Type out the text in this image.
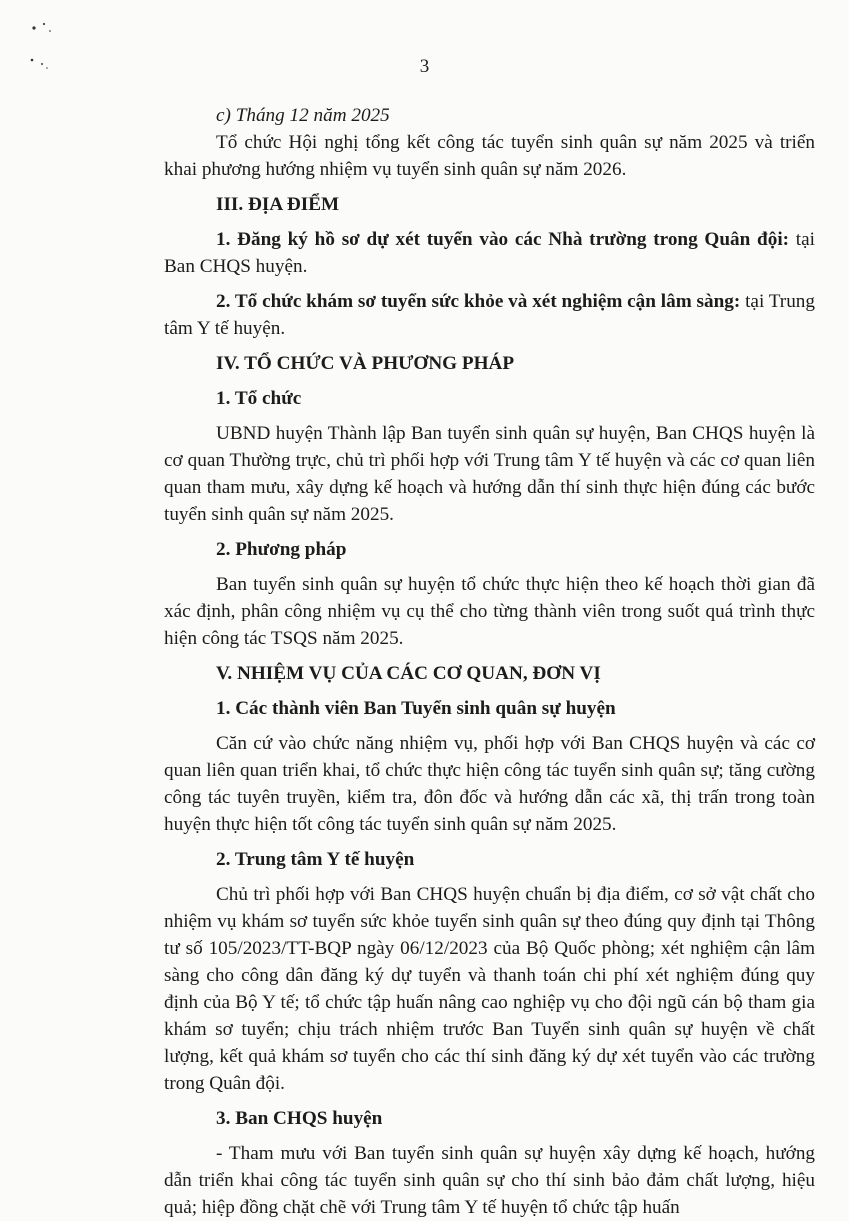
3

c) Tháng 12 năm 2025

Tổ chức Hội nghị tổng kết công tác tuyển sinh quân sự năm 2025 và triển khai phương hướng nhiệm vụ tuyển sinh quân sự năm 2026.

III. ĐỊA ĐIỂM

1. Đăng ký hồ sơ dự xét tuyển vào các Nhà trường trong Quân đội: tại Ban CHQS huyện.

2. Tổ chức khám sơ tuyển sức khỏe và xét nghiệm cận lâm sàng: tại Trung tâm Y tế huyện.

IV. TỔ CHỨC VÀ PHƯƠNG PHÁP

1. Tổ chức

UBND huyện Thành lập Ban tuyển sinh quân sự huyện, Ban CHQS huyện là cơ quan Thường trực, chủ trì phối hợp với Trung tâm Y tế huyện và các cơ quan liên quan tham mưu, xây dựng kế hoạch và hướng dẫn thí sinh thực hiện đúng các bước tuyển sinh quân sự năm 2025.

2. Phương pháp

Ban tuyển sinh quân sự huyện tổ chức thực hiện theo kế hoạch thời gian đã xác định, phân công nhiệm vụ cụ thể cho từng thành viên trong suốt quá trình thực hiện công tác TSQS năm 2025.

V. NHIỆM VỤ CỦA CÁC CƠ QUAN, ĐƠN VỊ

1. Các thành viên Ban Tuyển sinh quân sự huyện

Căn cứ vào chức năng nhiệm vụ, phối hợp với Ban CHQS huyện và các cơ quan liên quan triển khai, tổ chức thực hiện công tác tuyển sinh quân sự; tăng cường công tác tuyên truyền, kiểm tra, đôn đốc và hướng dẫn các xã, thị trấn trong toàn huyện thực hiện tốt công tác tuyển sinh quân sự năm 2025.

2. Trung tâm Y tế huyện

Chủ trì phối hợp với Ban CHQS huyện chuẩn bị địa điểm, cơ sở vật chất cho nhiệm vụ khám sơ tuyển sức khỏe tuyển sinh quân sự theo đúng quy định tại Thông tư số 105/2023/TT-BQP ngày 06/12/2023 của Bộ Quốc phòng; xét nghiệm cận lâm sàng cho công dân đăng ký dự tuyển và thanh toán chi phí xét nghiệm đúng quy định của Bộ Y tế; tổ chức tập huấn nâng cao nghiệp vụ cho đội ngũ cán bộ tham gia khám sơ tuyển; chịu trách nhiệm trước Ban Tuyển sinh quân sự huyện về chất lượng, kết quả khám sơ tuyển cho các thí sinh đăng ký dự xét tuyển vào các trường trong Quân đội.

3. Ban CHQS huyện

- Tham mưu với Ban tuyển sinh quân sự huyện xây dựng kế hoạch, hướng dẫn triển khai công tác tuyển sinh quân sự cho thí sinh bảo đảm chất lượng, hiệu quả; hiệp đồng chặt chẽ với Trung tâm Y tế huyện tổ chức tập huấn
